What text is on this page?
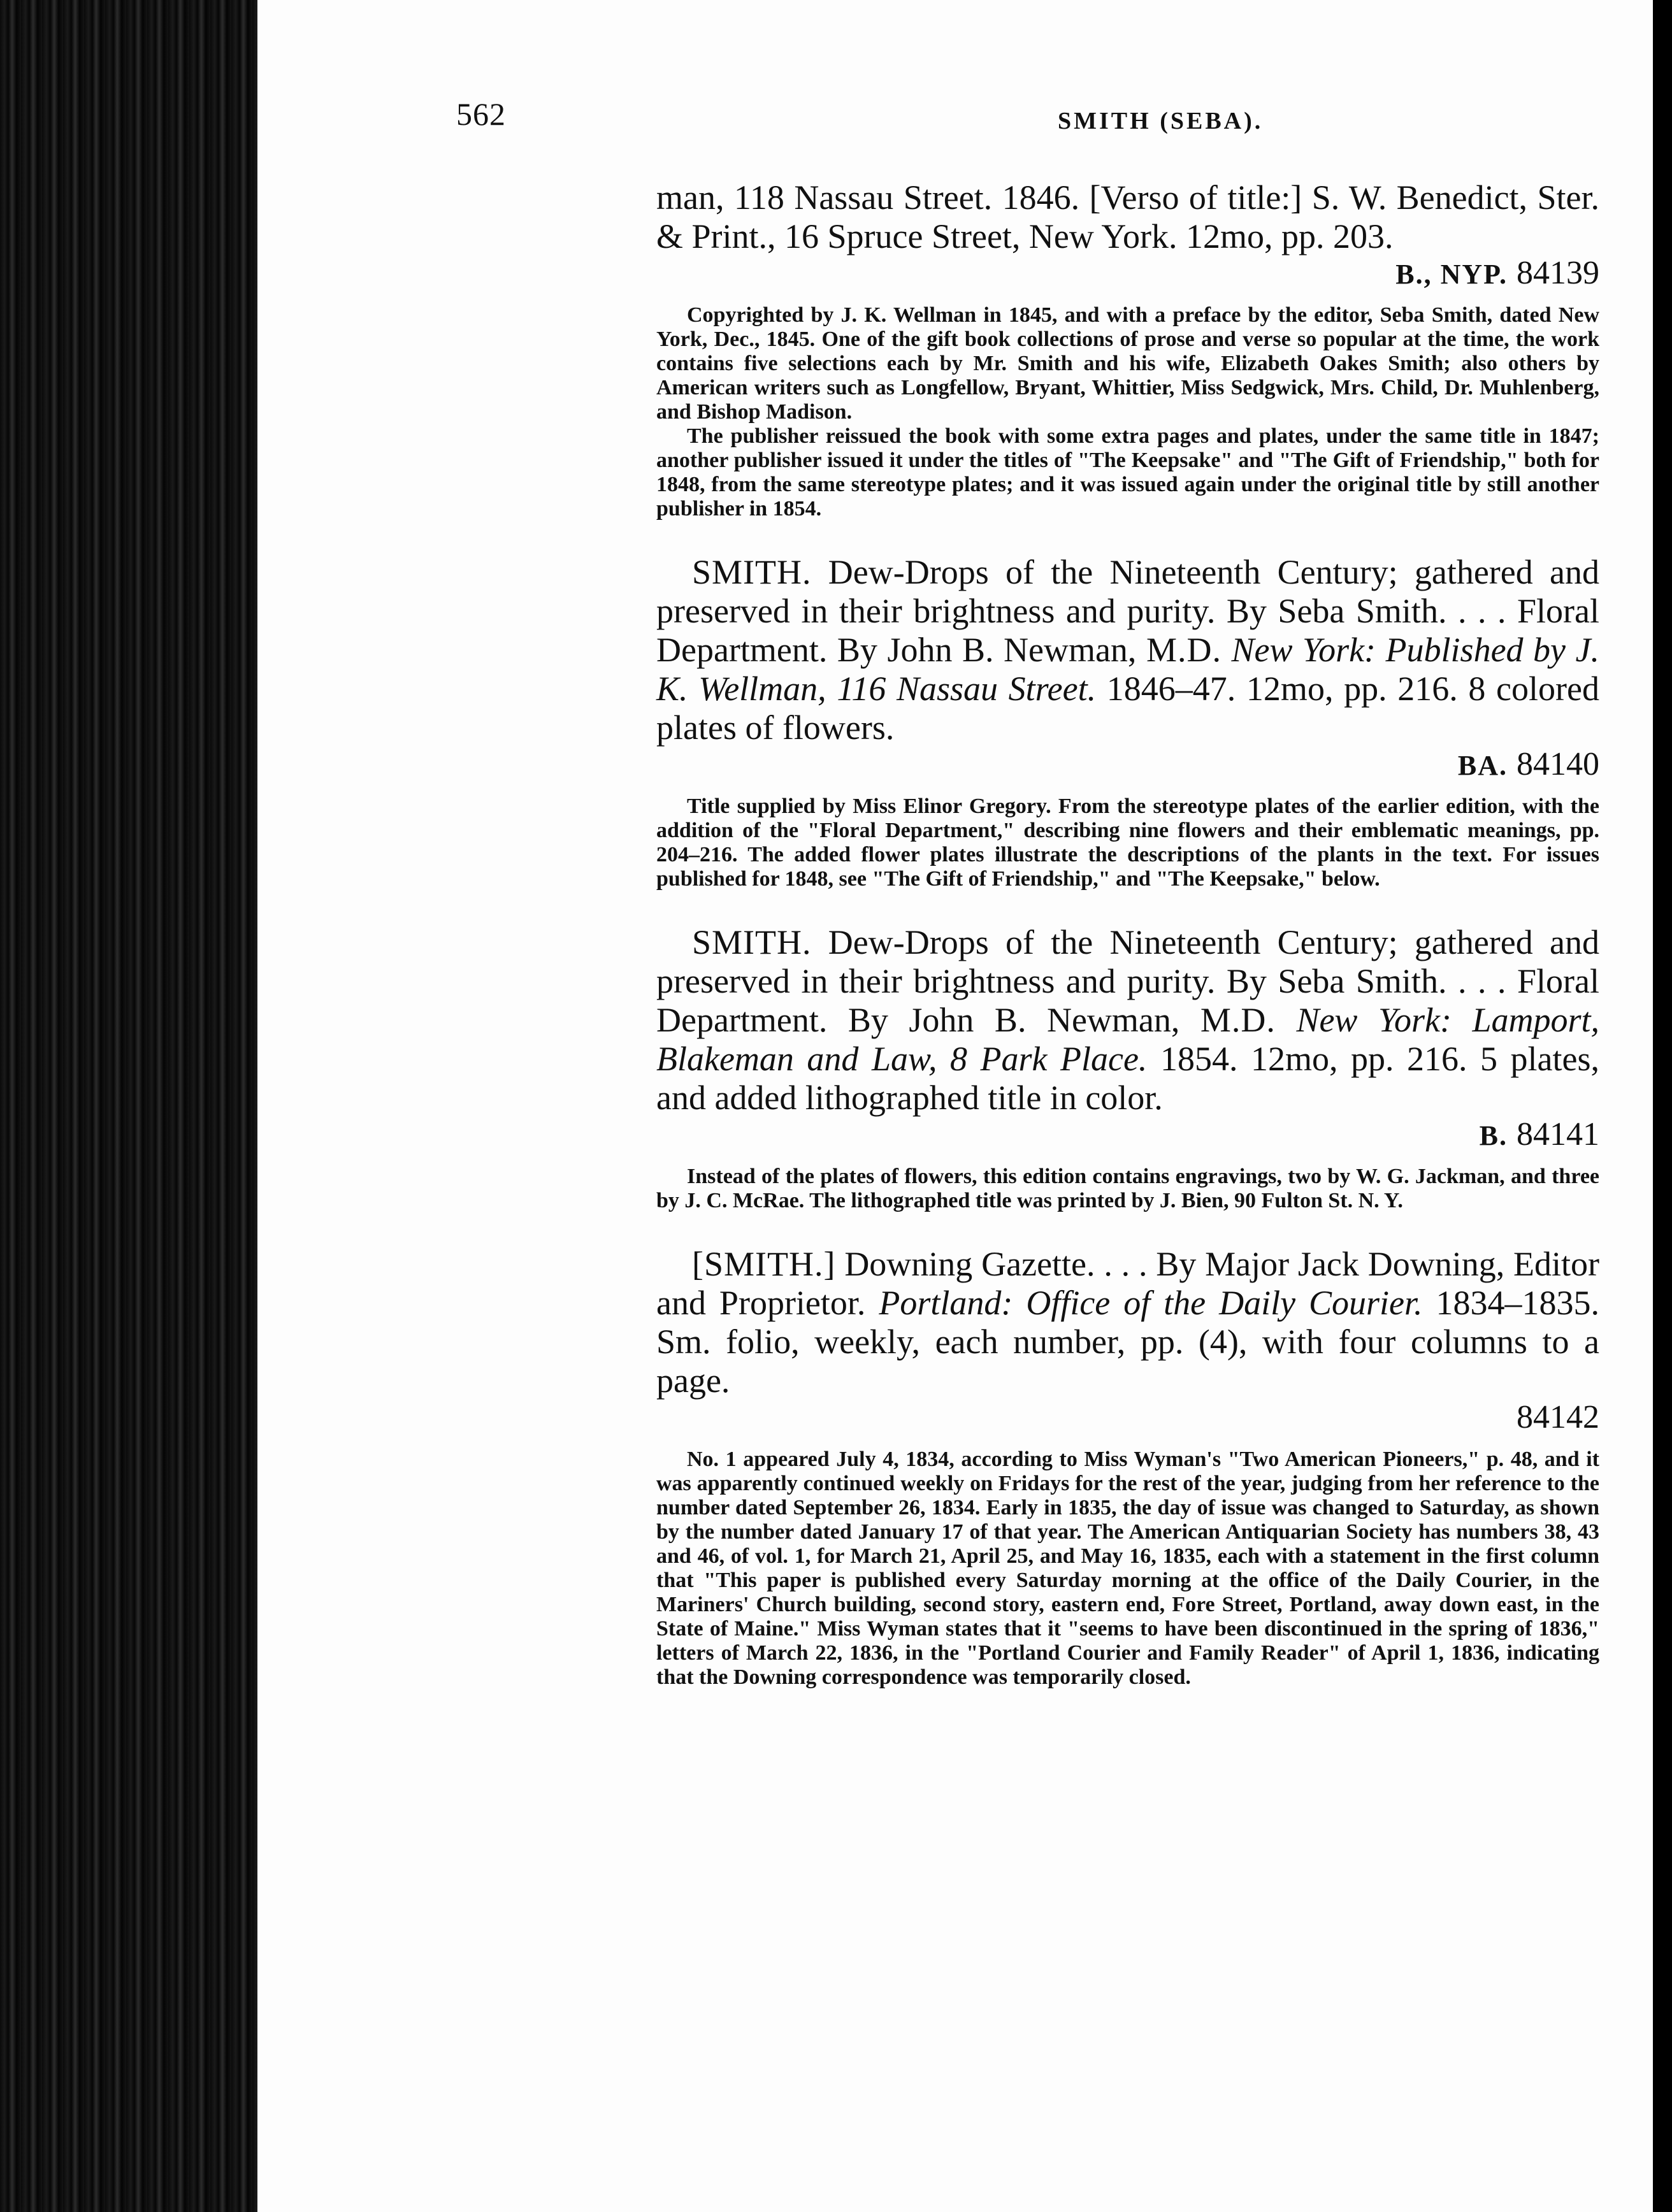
562	SMITH (SEBA).

man, 118 Nassau Street. 1846. [Verso of title:] S. W. Benedict, Ster. & Print., 16 Spruce Street, New York. 12mo, pp. 203.

B., NYP. 84139

Copyrighted by J. K. Wellman in 1845, and with a preface by the editor, Seba Smith, dated New York, Dec., 1845. One of the gift book collections of prose and verse so popular at the time, the work contains five selections each by Mr. Smith and his wife, Elizabeth Oakes Smith; also others by American writers such as Longfellow, Bryant, Whittier, Miss Sedgwick, Mrs. Child, Dr. Muhlenberg, and Bishop Madison.

The publisher reissued the book with some extra pages and plates, under the same title in 1847; another publisher issued it under the titles of "The Keepsake" and "The Gift of Friendship," both for 1848, from the same stereotype plates; and it was issued again under the original title by still another publisher in 1854.

SMITH. Dew-Drops of the Nineteenth Century; gathered and preserved in their brightness and purity. By Seba Smith. . . . Floral Department. By John B. Newman, M.D. New York: Published by J. K. Wellman, 116 Nassau Street. 1846–47. 12mo, pp. 216. 8 colored plates of flowers.

BA. 84140

Title supplied by Miss Elinor Gregory. From the stereotype plates of the earlier edition, with the addition of the "Floral Department," describing nine flowers and their emblematic meanings, pp. 204–216. The added flower plates illustrate the descriptions of the plants in the text. For issues published for 1848, see "The Gift of Friendship," and "The Keepsake," below.

SMITH. Dew-Drops of the Nineteenth Century; gathered and preserved in their brightness and purity. By Seba Smith. . . . Floral Department. By John B. Newman, M.D. New York: Lamport, Blakeman and Law, 8 Park Place. 1854. 12mo, pp. 216. 5 plates, and added lithographed title in color.

B. 84141

Instead of the plates of flowers, this edition contains engravings, two by W. G. Jackman, and three by J. C. McRae. The lithographed title was printed by J. Bien, 90 Fulton St. N. Y.

[SMITH.] Downing Gazette. . . . By Major Jack Downing, Editor and Proprietor. Portland: Office of the Daily Courier. 1834–1835. Sm. folio, weekly, each number, pp. (4), with four columns to a page.

84142

No. 1 appeared July 4, 1834, according to Miss Wyman's "Two American Pioneers," p. 48, and it was apparently continued weekly on Fridays for the rest of the year, judging from her reference to the number dated September 26, 1834. Early in 1835, the day of issue was changed to Saturday, as shown by the number dated January 17 of that year. The American Antiquarian Society has numbers 38, 43 and 46, of vol. 1, for March 21, April 25, and May 16, 1835, each with a statement in the first column that "This paper is published every Saturday morning at the office of the Daily Courier, in the Mariners' Church building, second story, eastern end, Fore Street, Portland, away down east, in the State of Maine." Miss Wyman states that it "seems to have been discontinued in the spring of 1836," letters of March 22, 1836, in the "Portland Courier and Family Reader" of April 1, 1836, indicating that the Downing correspondence was temporarily closed.
